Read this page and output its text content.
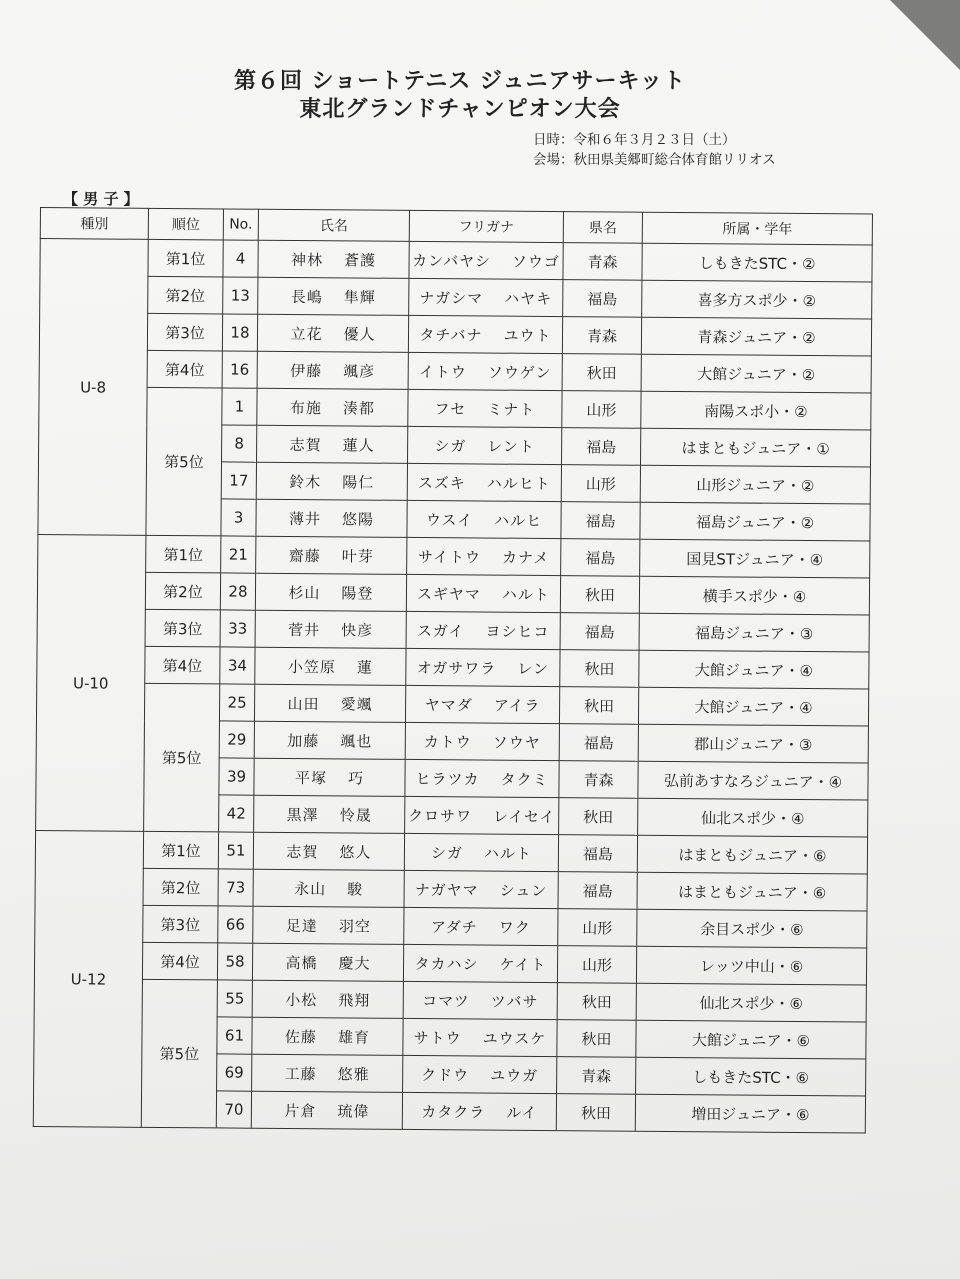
第６回 ショートテニス ジュニアサーキット
東北グランドチャンピオン大会
日時：令和６年３月２３日（土）
会場：秋田県美郷町総合体育館リリオス
【 男 子 】
種別	順位	No.	氏名	フリガナ	県名	所属・学年
U-8	第1位	4	神林 蒼護	カンバヤシ ソウゴ	青森	しもきたSTC・②
	第2位	13	長嶋 隼輝	ナガシマ ハヤキ	福島	喜多方スポ少・②
	第3位	18	立花 優人	タチバナ ユウト	青森	青森ジュニア・②
	第4位	16	伊藤 颯彦	イトウ ソウゲン	秋田	大館ジュニア・②
	第5位	1	布施 湊都	フセ ミナト	山形	南陽スポ小・②
		8	志賀 蓮人	シガ レント	福島	はまともジュニア・①
		17	鈴木 陽仁	スズキ ハルヒト	山形	山形ジュニア・②
		3	薄井 悠陽	ウスイ ハルヒ	福島	福島ジュニア・②
U-10	第1位	21	齋藤 叶芽	サイトウ カナメ	福島	国見STジュニア・④
	第2位	28	杉山 陽登	スギヤマ ハルト	秋田	横手スポ少・④
	第3位	33	菅井 快彦	スガイ ヨシヒコ	福島	福島ジュニア・③
	第4位	34	小笠原 蓮	オガサワラ レン	秋田	大館ジュニア・④
	第5位	25	山田 愛颯	ヤマダ アイラ	秋田	大館ジュニア・④
		29	加藤 颯也	カトウ ソウヤ	福島	郡山ジュニア・③
		39	平塚 巧	ヒラツカ タクミ	青森	弘前あすなろジュニア・④
		42	黒澤 怜晟	クロサワ レイセイ	秋田	仙北スポ少・④
U-12	第1位	51	志賀 悠人	シガ ハルト	福島	はまともジュニア・⑥
	第2位	73	永山 駿	ナガヤマ シュン	福島	はまともジュニア・⑥
	第3位	66	足達 羽空	アダチ ワク	山形	余目スポ少・⑥
	第4位	58	高橋 慶大	タカハシ ケイト	山形	レッツ中山・⑥
	第5位	55	小松 飛翔	コマツ ツバサ	秋田	仙北スポ少・⑥
		61	佐藤 雄育	サトウ ユウスケ	秋田	大館ジュニア・⑥
		69	工藤 悠雅	クドウ ユウガ	青森	しもきたSTC・⑥
		70	片倉 琉偉	カタクラ ルイ	秋田	増田ジュニア・⑥
